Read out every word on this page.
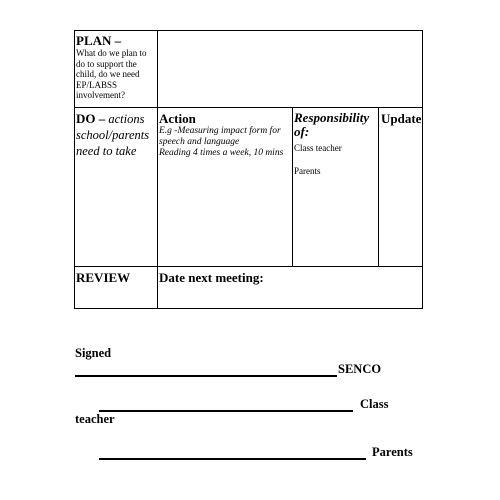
PLAN –
What do we plan to
do to support the
child, do we need
EP/LABSS
involvement?
DO – actions
school/parents
need to take
Action
E.g -Measuring impact form for
speech and language
Reading 4 times a week, 10 mins
Responsibility
of:
Class teacher
Parents
Update
REVIEW Date next meeting:
Signed
SENCO
Class
teacher
Parents
